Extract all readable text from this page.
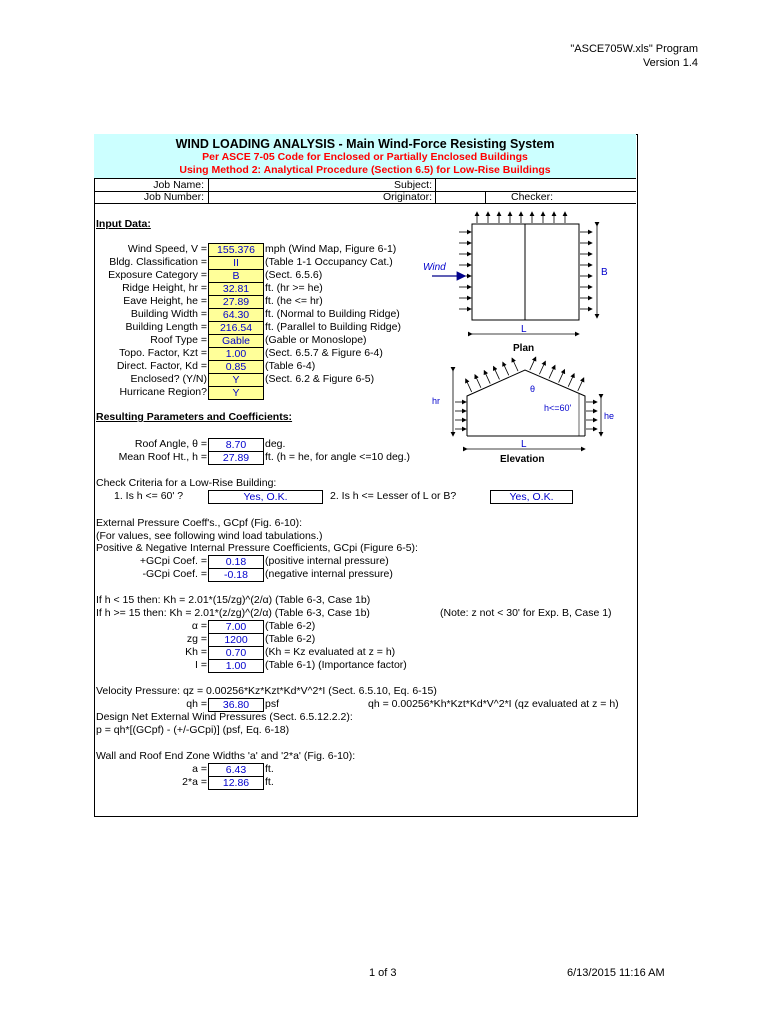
"ASCE705W.xls" Program
Version 1.4
WIND LOADING ANALYSIS - Main Wind-Force Resisting System
Per ASCE 7-05 Code for Enclosed or Partially Enclosed Buildings
Using Method 2: Analytical Procedure (Section 6.5) for Low-Rise Buildings
Job Name:	Subject:
Job Number:	Originator:	Checker:
Input Data:
Wind Speed, V = 155.376 mph (Wind Map, Figure 6-1)
Bldg. Classification =	II	(Table 1-1 Occupancy Cat.)
Exposure Category =	B	(Sect. 6.5.6)
Ridge Height, hr =	32.81	ft. (hr >= he)
Eave Height, he =	27.89	ft. (he <= hr)
Building Width =	64.30	ft. (Normal to Building Ridge)
Building Length =	216.54	ft. (Parallel to Building Ridge)
Roof Type =	Gable	(Gable or Monoslope)
Topo. Factor, Kzt =	1.00	(Sect. 6.5.7 & Figure 6-4)
Direct. Factor, Kd =	0.85	(Table 6-4)
Enclosed? (Y/N)	Y	(Sect. 6.2 & Figure 6-5)
Hurricane Region?	Y
Resulting Parameters and Coefficients:
Roof Angle, θ =	8.70	deg.
Mean Roof Ht., h =	27.89	ft. (h = he, for angle <=10 deg.)
Check Criteria for a Low-Rise Building:
1. Is h <= 60' ?	Yes, O.K.	2. Is h <= Lesser of L or B?	Yes, O.K.
External Pressure Coeff's., GCpf (Fig. 6-10):
(For values, see following wind load tabulations.)
Positive & Negative Internal Pressure Coefficients, GCpi (Figure 6-5):
+GCpi Coef. =	0.18	(positive internal pressure)
-GCpi Coef. =	-0.18	(negative internal pressure)
If h < 15 then: Kh = 2.01*(15/zg)^(2/α) (Table 6-3, Case 1b)
If h >= 15 then: Kh = 2.01*(z/zg)^(2/α) (Table 6-3, Case 1b)	(Note: z not < 30' for Exp. B, Case 1)
α =	7.00	(Table 6-2)
zg =	1200	(Table 6-2)
Kh =	0.70	(Kh = Kz evaluated at z = h)
I =	1.00	(Table 6-1) (Importance factor)
Velocity Pressure: qz = 0.00256*Kz*Kzt*Kd*V^2*I (Sect. 6.5.10, Eq. 6-15)
qh =	36.80	psf	qh = 0.00256*Kh*Kzt*Kd*V^2*I (qz evaluated at z = h)
Design Net External Wind Pressures (Sect. 6.5.12.2.2):
p = qh*[(GCpf) - (+/-GCpi)] (psf, Eq. 6-18)
Wall and Roof End Zone Widths 'a' and '2*a' (Fig. 6-10):
a =	6.43	ft.
2*a =	12.86	ft.
Wind	B
L
Plan
hr
he
h<=60'
θ
L
Elevation
1 of 3	6/13/2015 11:16 AM
